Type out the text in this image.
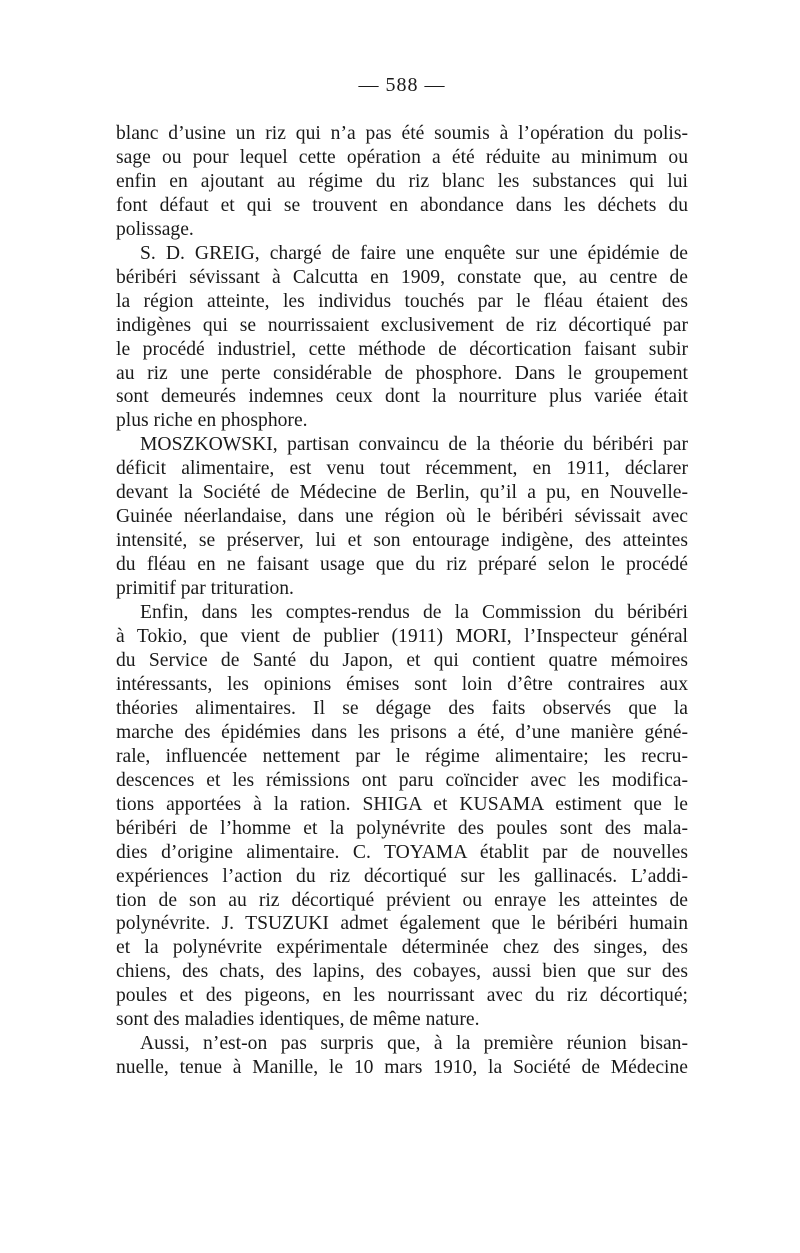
— 588 —
blanc d’usine un riz qui n’a pas été soumis à l’opération du polis-
sage ou pour lequel cette opération a été réduite au minimum ou
enfin en ajoutant au régime du riz blanc les substances qui lui
font défaut et qui se trouvent en abondance dans les déchets du
polissage.
S. D. GREIG, chargé de faire une enquête sur une épidémie de
béribéri sévissant à Calcutta en 1909, constate que, au centre de
la région atteinte, les individus touchés par le fléau étaient des
indigènes qui se nourrissaient exclusivement de riz décortiqué par
le procédé industriel, cette méthode de décortication faisant subir
au riz une perte considérable de phosphore. Dans le groupement
sont demeurés indemnes ceux dont la nourriture plus variée était
plus riche en phosphore.
MOSZKOWSKI, partisan convaincu de la théorie du béribéri par
déficit alimentaire, est venu tout récemment, en 1911, déclarer
devant la Société de Médecine de Berlin, qu’il a pu, en Nouvelle-
Guinée néerlandaise, dans une région où le béribéri sévissait avec
intensité, se préserver, lui et son entourage indigène, des atteintes
du fléau en ne faisant usage que du riz préparé selon le procédé
primitif par trituration.
Enfin, dans les comptes-rendus de la Commission du béribéri
à Tokio, que vient de publier (1911) MORI, l’Inspecteur général
du Service de Santé du Japon, et qui contient quatre mémoires
intéressants, les opinions émises sont loin d’être contraires aux
théories alimentaires. Il se dégage des faits observés que la
marche des épidémies dans les prisons a été, d’une manière géné-
rale, influencée nettement par le régime alimentaire; les recru-
descences et les rémissions ont paru coïncider avec les modifica-
tions apportées à la ration. SHIGA et KUSAMA estiment que le
béribéri de l’homme et la polynévrite des poules sont des mala-
dies d’origine alimentaire. C. TOYAMA établit par de nouvelles
expériences l’action du riz décortiqué sur les gallinacés. L’addi-
tion de son au riz décortiqué prévient ou enraye les atteintes de
polynévrite. J. TSUZUKI admet également que le béribéri humain
et la polynévrite expérimentale déterminée chez des singes, des
chiens, des chats, des lapins, des cobayes, aussi bien que sur des
poules et des pigeons, en les nourrissant avec du riz décortiqué;
sont des maladies identiques, de même nature.
Aussi, n’est-on pas surpris que, à la première réunion bisan-
nuelle, tenue à Manille, le 10 mars 1910, la Société de Médecine
